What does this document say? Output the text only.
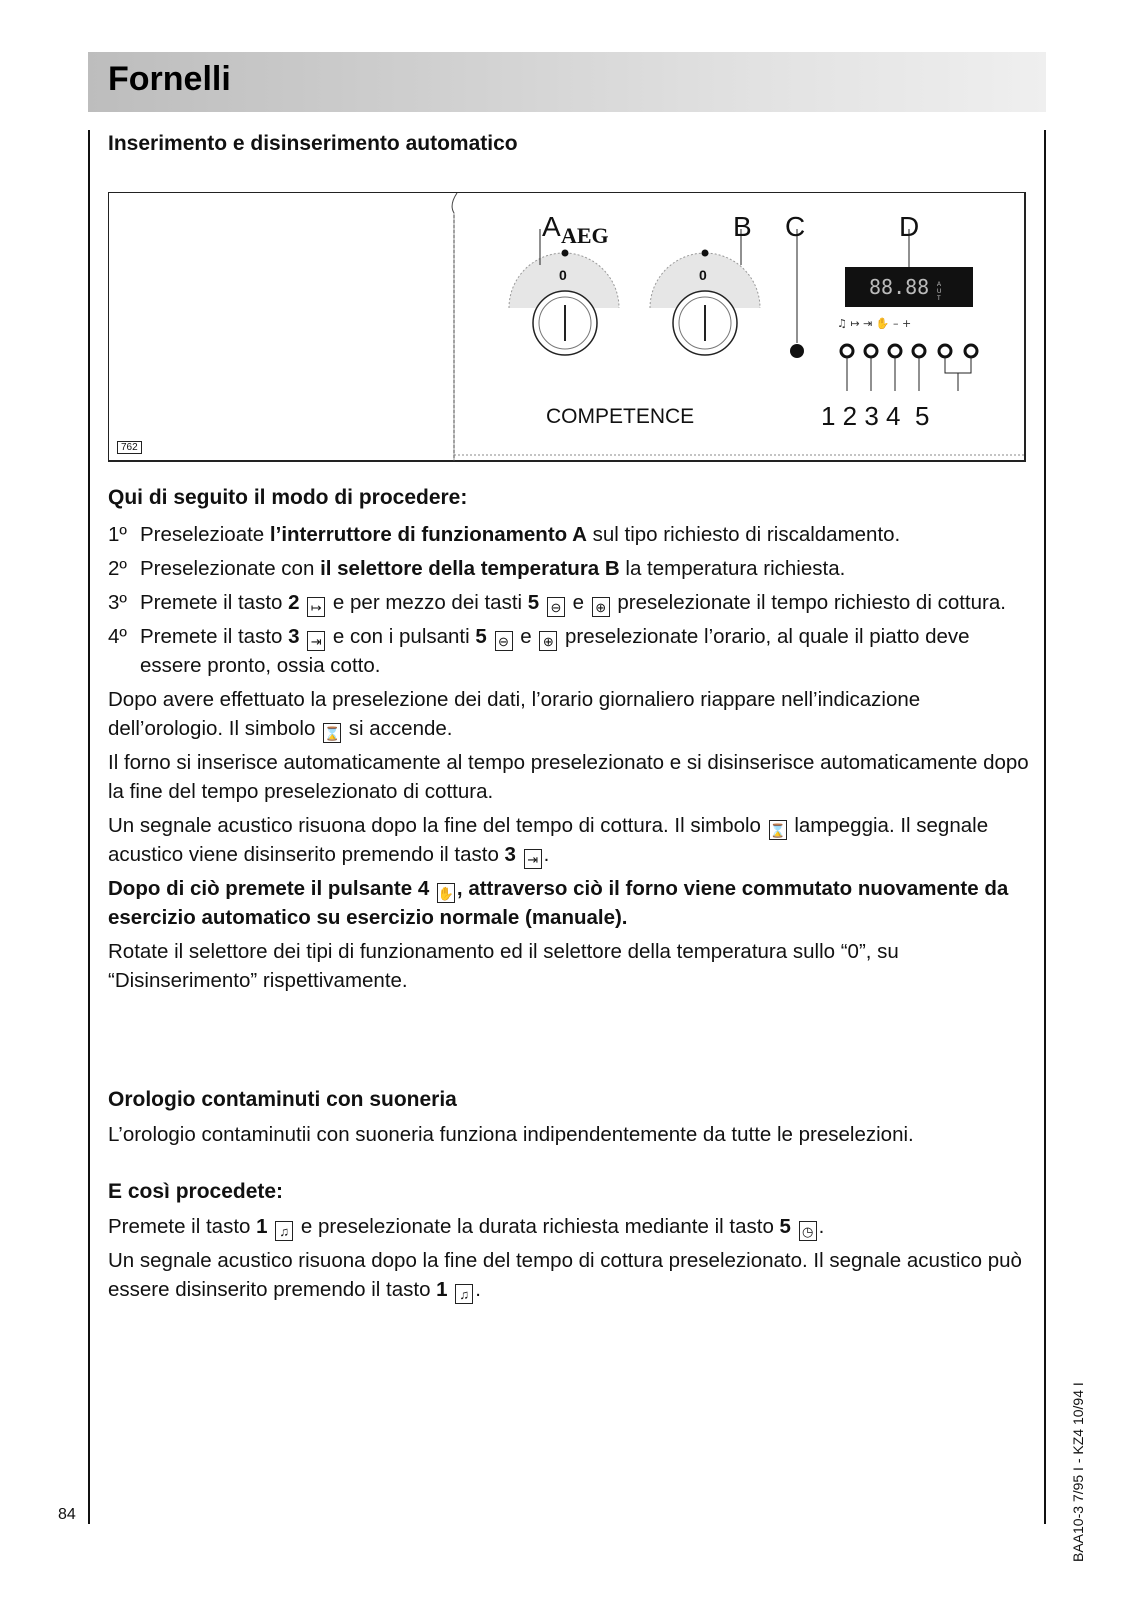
Fornelli
Inserimento e disinserimento automatico
88.88 A
U
T
♫ ↦ ⇥ ✋ – +
A AEG	B C	D
0	0
COMPETENCE	1 2 3 4  5
762
Qui di seguito il modo di procedere:
1º Preselezioate l’interruttore di funzionamento A sul tipo richiesto di riscaldamento.
2º Preselezionate con il selettore della temperatura B la temperatura richiesta.
3º Premete il tasto 2 ↦ e per mezzo dei tasti 5 ⊖ e ⊕ preselezionate il tempo richiesto di cottura.
4º Premete il tasto 3 ⇥ e con i pulsanti 5 ⊖ e ⊕ preselezionate l’orario, al quale il piatto deve essere pronto, ossia cotto.
Dopo avere effettuato la preselezione dei dati, l’orario giornaliero riappare nell’indicazione dell’orologio. Il simbolo ⌛ si accende.
Il forno si inserisce automaticamente al tempo preselezionato e si disinserisce automaticamente dopo la fine del tempo preselezionato di cottura.
Un segnale acustico risuona dopo la fine del tempo di cottura. Il simbolo ⌛ lampeggia. Il segnale acustico viene disinserito premendo il tasto 3 ⇥ .
Dopo di ciò premete il pulsante 4 ✋ , attraverso ciò il forno viene commutato nuovamente da esercizio automatico su esercizio normale (manuale).
Rotate il selettore dei tipi di funzionamento ed il selettore della temperatura sullo “0”, su “Disinserimento” rispettivamente.
Orologio contaminuti con suoneria
L’orologio contaminutii con suoneria funziona indipendentemente da tutte le preselezioni.
E così procedete:
Premete il tasto 1 ♫ e preselezionate la durata richiesta mediante il tasto 5 ◷ .
Un segnale acustico risuona dopo la fine del tempo di cottura preselezionato. Il segnale acustico può essere disinserito premendo il tasto 1 ♫ .
84	BAA10-3 7/95 I - KZ4 10/94 I
